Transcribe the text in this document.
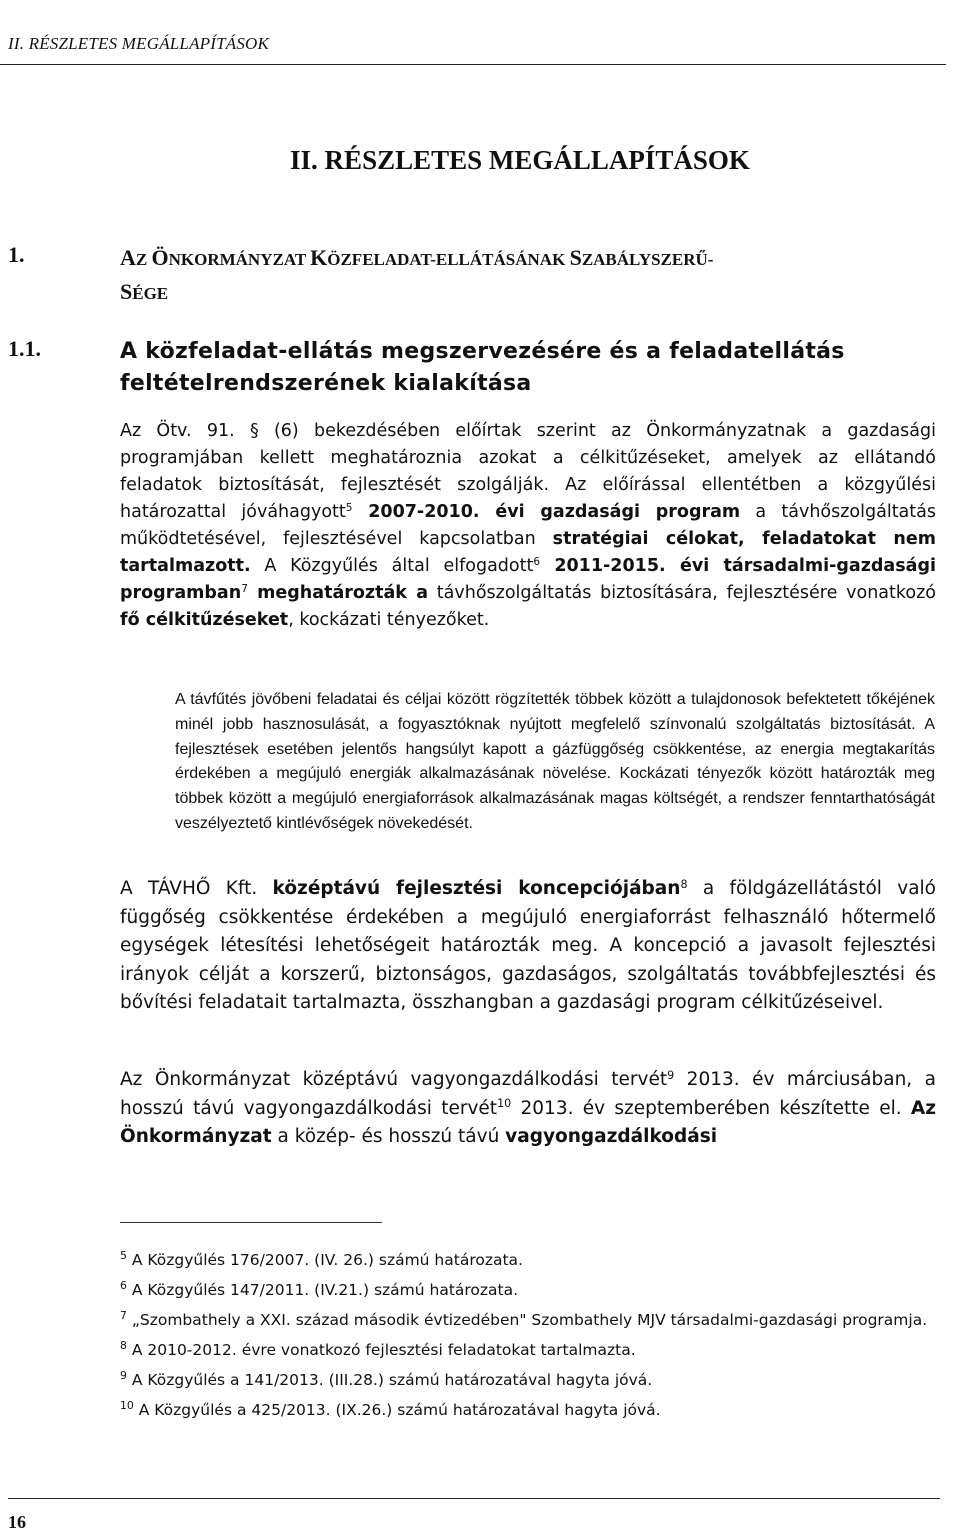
II. RÉSZLETES MEGÁLLAPÍTÁSOK
II. RÉSZLETES MEGÁLLAPÍTÁSOK
1.	AZ ÖNKORMÁNYZAT KÖZFELADAT-ELLÁTÁSÁNAK SZABÁLYSZERŰ-
SÉGE
1.1.	A közfeladat-ellátás megszervezésére és a feladatellátás feltételrendszerének kialakítása

Az Ötv. 91. § (6) bekezdésében előírtak szerint az Önkormányzatnak a gazdasági programjában kellett meghatároznia azokat a célkitűzéseket, amelyek az ellátandó feladatok biztosítását, fejlesztését szolgálják. Az előírással ellentétben a közgyűlési határozattal jóváhagyott$^5$ 2007-2010. évi gazdasági program a távhőszolgáltatás működtetésével, fejlesztésével kapcsolatban stratégiai célokat, feladatokat nem tartalmazott. A Közgyűlés által elfogadott$^6$ 2011-2015. évi társadalmi-gazdasági programban$^7$ meghatározták a távhőszolgáltatás biztosítására, fejlesztésére vonatkozó fő célkitűzéseket, kockázati tényezőket.

A távfűtés jövőbeni feladatai és céljai között rögzítették többek között a tulajdonosok befektetett tőkéjének minél jobb hasznosulását, a fogyasztóknak nyújtott megfelelő színvonalú szolgáltatás biztosítását. A fejlesztések esetében jelentős hangsúlyt kapott a gázfüggőség csökkentése, az energia megtakarítás érdekében a megújuló energiák alkalmazásának növelése. Kockázati tényezők között határozták meg többek között a megújuló energiaforrások alkalmazásának magas költségét, a rendszer fenntarthatóságát veszélyeztető kintlévőségek növekedését.

A TÁVHŐ Kft. középtávú fejlesztési koncepciójában$^8$ a földgázellátástól való függőség csökkentése érdekében a megújuló energiaforrást felhasználó hőtermelő egységek létesítési lehetőségeit határozták meg. A koncepció a javasolt fejlesztési irányok célját a korszerű, biztonságos, gazdaságos, szolgáltatás továbbfejlesztési és bővítési feladatait tartalmazta, összhangban a gazdasági program célkitűzéseivel.

Az Önkormányzat középtávú vagyongazdálkodási tervét$^9$ 2013. év márciusában, a hosszú távú vagyongazdálkodási tervét$^{10}$ 2013. év szeptemberében készítette el. Az Önkormányzat a közép- és hosszú távú vagyongazdálkodási

$^5$ A Közgyűlés 176/2007. (IV. 26.) számú határozata.

$^6$ A Közgyűlés 147/2011. (IV.21.) számú határozata.

$^7$ „Szombathely a XXI. század második évtizedében" Szombathely MJV társadalmi-gazdasági programja.

$^8$ A 2010-2012. évre vonatkozó fejlesztési feladatokat tartalmazta.

$^9$ A Közgyűlés a 141/2013. (III.28.) számú határozatával hagyta jóvá.

$^{10}$ A Közgyűlés a 425/2013. (IX.26.) számú határozatával hagyta jóvá.

16
